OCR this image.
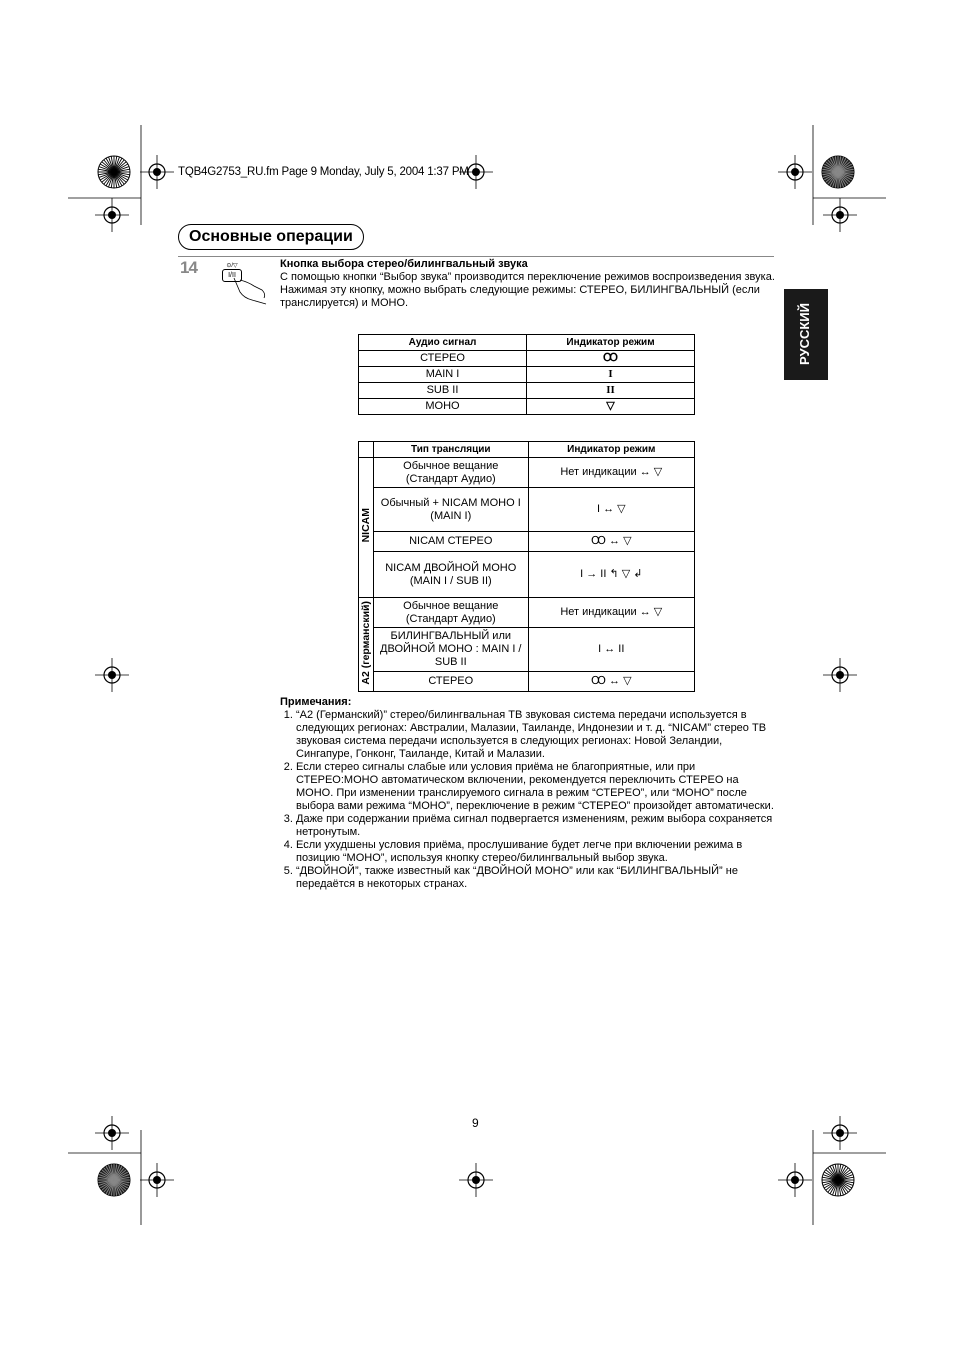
TQB4G2753_RU.fm Page 9 Monday, July 5, 2004 1:37 PM
Основные операции
14	⊙/▽
I/II
Кнопка выбора стерео/билингвальный звука
С помощью кнопки “Выбор звука” производится переключение режимов воспроизведения звука.
Нажимая эту кнопку, можно выбрать следующие режимы: СТЕРЕО, БИЛИНГВАЛЬНЫЙ (если транслируется) и МОНО.
Аудио сигнал	Индикатор режим
СТЕРЕО	Ꝏ
MAIN I	I
SUB II	II
МОНО	▽
	Тип трансляции	Индикатор режим
NICAM	Обычное вещание (Стандарт Аудио)	Нет индикации ↔ ▽
	Обычный + NICAM МОНО I (MAIN I)	I ↔ ▽
	NICAM СТЕРЕО	Ꝏ ↔ ▽
	NICAM ДВОЙНОЙ МОНО (MAIN I / SUB II)	I → II ↰ ▽ ↲
A2 (германский)	Обычное вещание (Стандарт Аудио)	Нет индикации ↔ ▽
	БИЛИНГВАЛЬНЫЙ или ДВОЙНОЙ МОНО : MAIN I / SUB II	I ↔ II
	СТЕРЕО	Ꝏ ↔ ▽
Примечания:
1. “А2 (Германский)” стерео/билингвальная ТВ звуковая система передачи используется в следующих регионах: Австралии, Малазии, Таиланде, Индонезии и т. д. “NICAM” стерео ТВ звуковая система передачи используется в следующих регионах: Новой Зеландии, Сингапуре, Гонконг, Таиланде, Китай и Малазии.
2. Если стерео сигналы слабые или условия приёма не благоприятные, или при СТЕРЕО:МОНО автоматическом включении, рекомендуется переключить СТЕРЕО на МОНО. При изменении транслируемого сигнала в режим “СТЕРЕО”, или “МОНО” после выбора вами режима “МОНО”, переключение в режим “СТЕРЕО” произойдет автоматически.
3. Даже при содержании приёма сигнал подвергается изменениям, режим выбора сохраняется нетронутым.
4. Если ухудшены условия приёма, прослушивание будет легче при включении режима в позицию “МОНО”, используя кнопку стерео/билингвальный выбор звука.
5. “ДВОЙНОЙ”, также известный как “ДВОЙНОЙ МОНО” или как “БИЛИНГВАЛЬНЫЙ” не передаётся в некоторых странах.
РУССКИЙ
9
